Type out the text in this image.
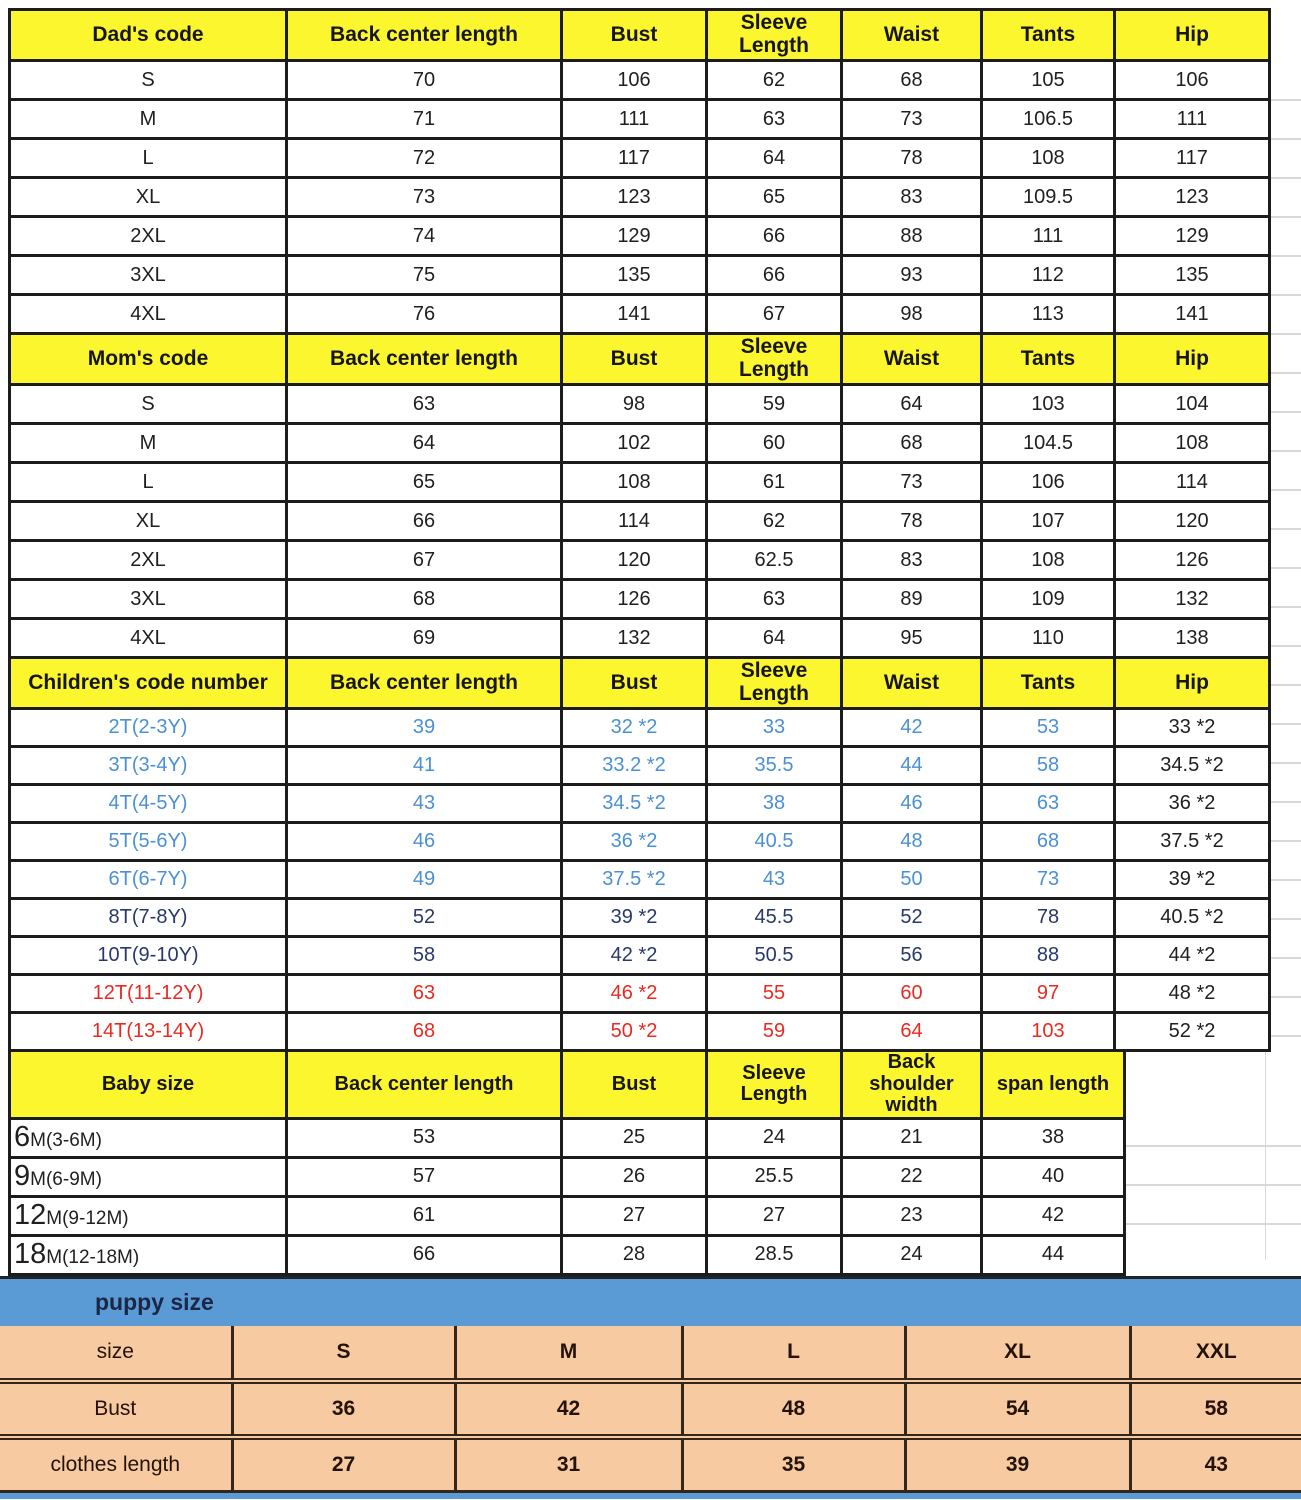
Dad's code	Back center length	Bust	Sleeve Length	Waist	Tants	Hip
S	70	106	62	68	105	106
M	71	111	63	73	106.5	111
L	72	117	64	78	108	117
XL	73	123	65	83	109.5	123
2XL	74	129	66	88	111	129
3XL	75	135	66	93	112	135
4XL	76	141	67	98	113	141
Mom's code	Back center length	Bust	Sleeve Length	Waist	Tants	Hip
S	63	98	59	64	103	104
M	64	102	60	68	104.5	108
L	65	108	61	73	106	114
XL	66	114	62	78	107	120
2XL	67	120	62.5	83	108	126
3XL	68	126	63	89	109	132
4XL	69	132	64	95	110	138
Children's code number	Back center length	Bust	Sleeve Length	Waist	Tants	Hip
2T(2-3Y)	39	32 *2	33	42	53	33 *2
3T(3-4Y)	41	33.2 *2	35.5	44	58	34.5 *2
4T(4-5Y)	43	34.5 *2	38	46	63	36 *2
5T(5-6Y)	46	36 *2	40.5	48	68	37.5 *2
6T(6-7Y)	49	37.5 *2	43	50	73	39 *2
8T(7-8Y)	52	39 *2	45.5	52	78	40.5 *2
10T(9-10Y)	58	42 *2	50.5	56	88	44 *2
12T(11-12Y)	63	46 *2	55	60	97	48 *2
14T(13-14Y)	68	50 *2	59	64	103	52 *2
Baby size	Back center length	Bust	Sleeve Length	Back shoulder width	span length
6M(3-6M)	53	25	24	21	38
9M(6-9M)	57	26	25.5	22	40
12M(9-12M)	61	27	27	23	42
18M(12-18M)	66	28	28.5	24	44
puppy size
size	S	M	L	XL	XXL
Bust	36	42	48	54	58
clothes length	27	31	35	39	43
